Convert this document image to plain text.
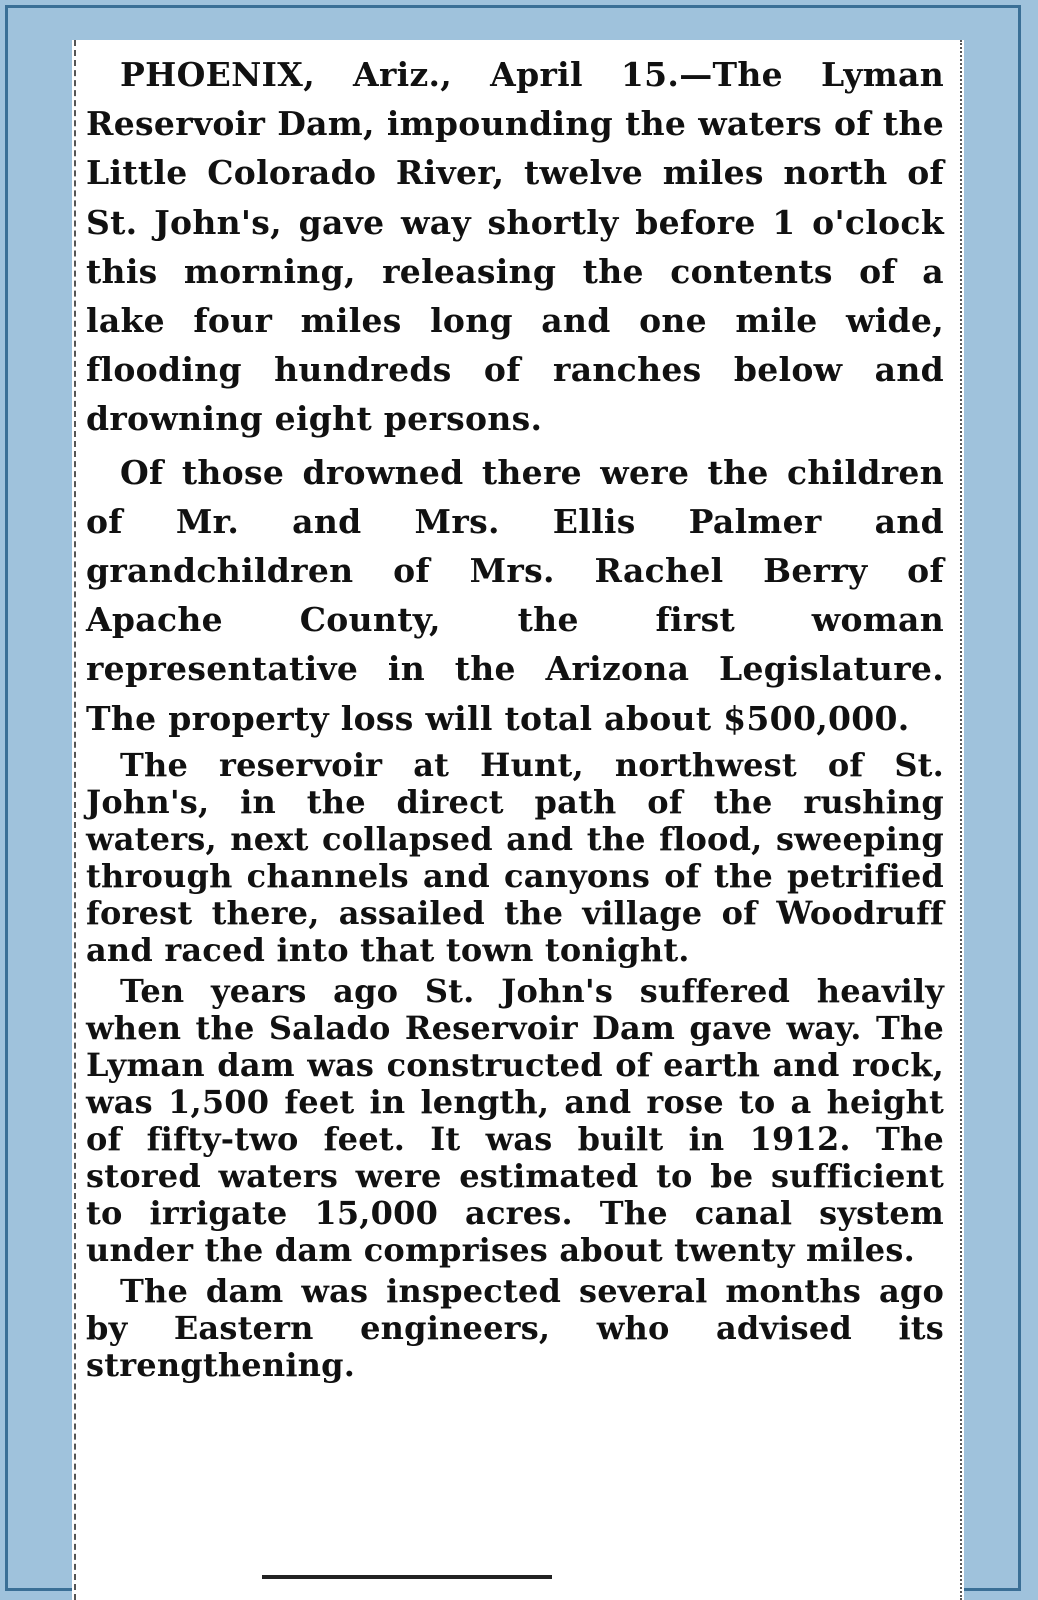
PHOENIX, Ariz., April 15.—The Lyman Reservoir Dam, impounding the waters of the Little Colorado River, twelve miles north of St. John's, gave way shortly before 1 o'clock this morning, releasing the contents of a lake four miles long and one mile wide, flooding hundreds of ranches below and drowning eight persons.

Of those drowned there were the children of Mr. and Mrs. Ellis Palmer and grandchildren of Mrs. Rachel Berry of Apache County, the first woman representative in the Arizona Legislature. The property loss will total about $500,000.

The reservoir at Hunt, northwest of St. John's, in the direct path of the rushing waters, next collapsed and the flood, sweeping through channels and canyons of the petrified forest there, assailed the village of Woodruff and raced into that town tonight.

Ten years ago St. John's suffered heavily when the Salado Reservoir Dam gave way. The Lyman dam was constructed of earth and rock, was 1,500 feet in length, and rose to a height of fifty-two feet. It was built in 1912. The stored waters were estimated to be sufficient to irrigate 15,000 acres. The canal system under the dam comprises about twenty miles.

The dam was inspected several months ago by Eastern engineers, who advised its strengthening.
